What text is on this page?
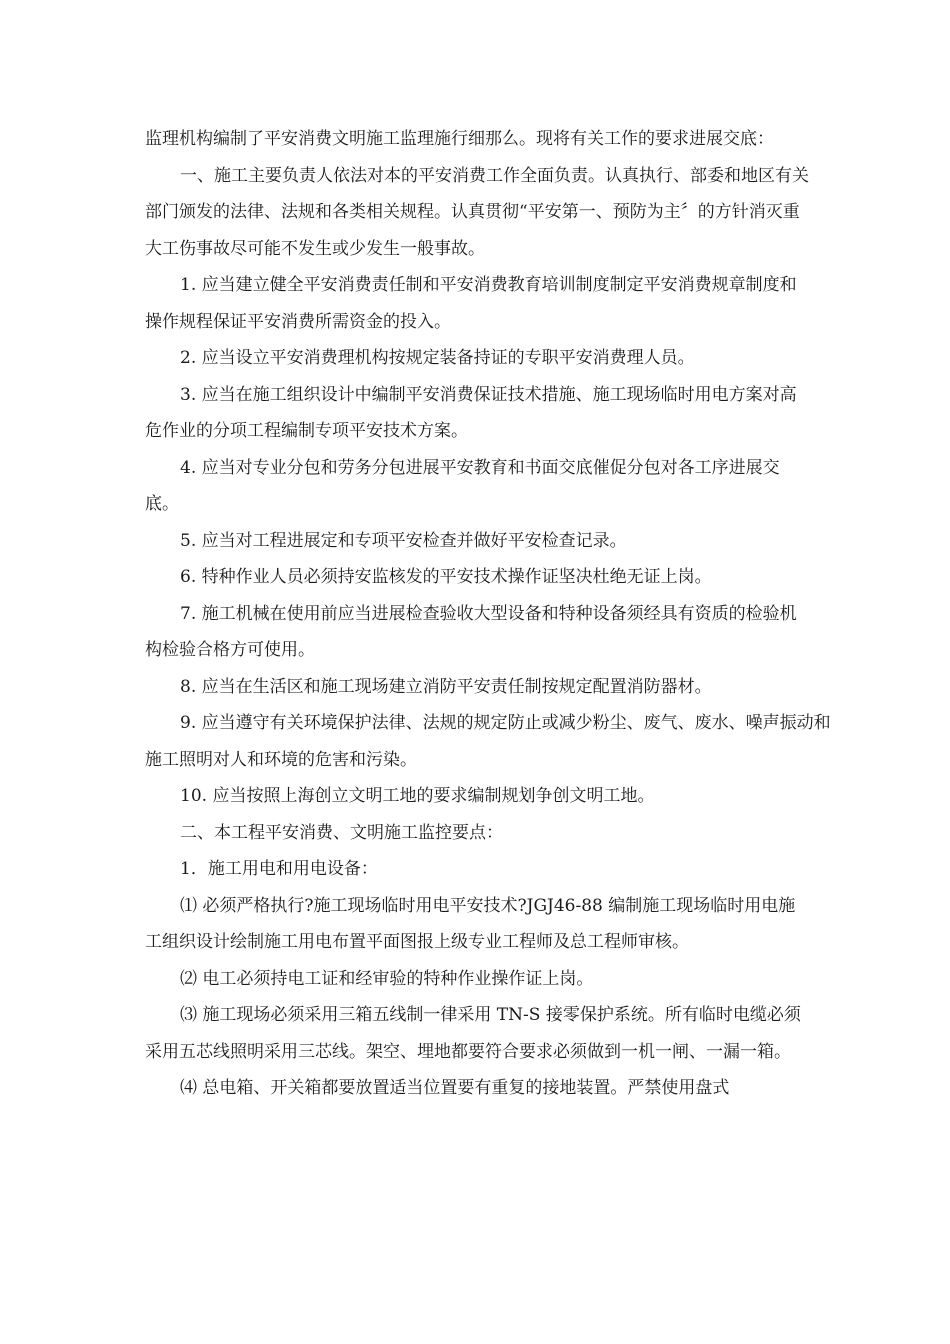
监理机构编制了平安消费文明施工监理施行细那么。现将有关工作的要求进展交底：

一、施工主要负责人依法对本的平安消费工作全面负责。认真执行、部委和地区有关部门颁发的法律、法规和各类相关规程。认真贯彻“平安第一、预防为主〞的方针消灭重大工伤事故尽可能不发生或少发生一般事故。

1. 应当建立健全平安消费责任制和平安消费教育培训制度制定平安消费规章制度和操作规程保证平安消费所需资金的投入。

2. 应当设立平安消费理机构按规定装备持证的专职平安消费理人员。

3. 应当在施工组织设计中编制平安消费保证技术措施、施工现场临时用电方案对高危作业的分项工程编制专项平安技术方案。

4. 应当对专业分包和劳务分包进展平安教育和书面交底催促分包对各工序进展交底。

5. 应当对工程进展定和专项平安检查并做好平安检查记录。

6. 特种作业人员必须持安监核发的平安技术操作证坚决杜绝无证上岗。

7. 施工机械在使用前应当进展检查验收大型设备和特种设备须经具有资质的检验机构检验合格方可使用。

8. 应当在生活区和施工现场建立消防平安责任制按规定配置消防器材。

9. 应当遵守有关环境保护法律、法规的规定防止或减少粉尘、废气、废水、噪声振动和施工照明对人和环境的危害和污染。

10. 应当按照上海创立文明工地的要求编制规划争创文明工地。

二、本工程平安消费、文明施工监控要点：

1．施工用电和用电设备：

⑴ 必须严格执行?施工现场临时用电平安技术?JGJ46-88 编制施工现场临时用电施工组织设计绘制施工用电布置平面图报上级专业工程师及总工程师审核。

⑵ 电工必须持电工证和经审验的特种作业操作证上岗。

⑶ 施工现场必须采用三箱五线制一律采用 TN-S 接零保护系统。所有临时电缆必须采用五芯线照明采用三芯线。架空、埋地都要符合要求必须做到一机一闸、一漏一箱。

⑷ 总电箱、开关箱都要放置适当位置要有重复的接地装置。严禁使用盘式
